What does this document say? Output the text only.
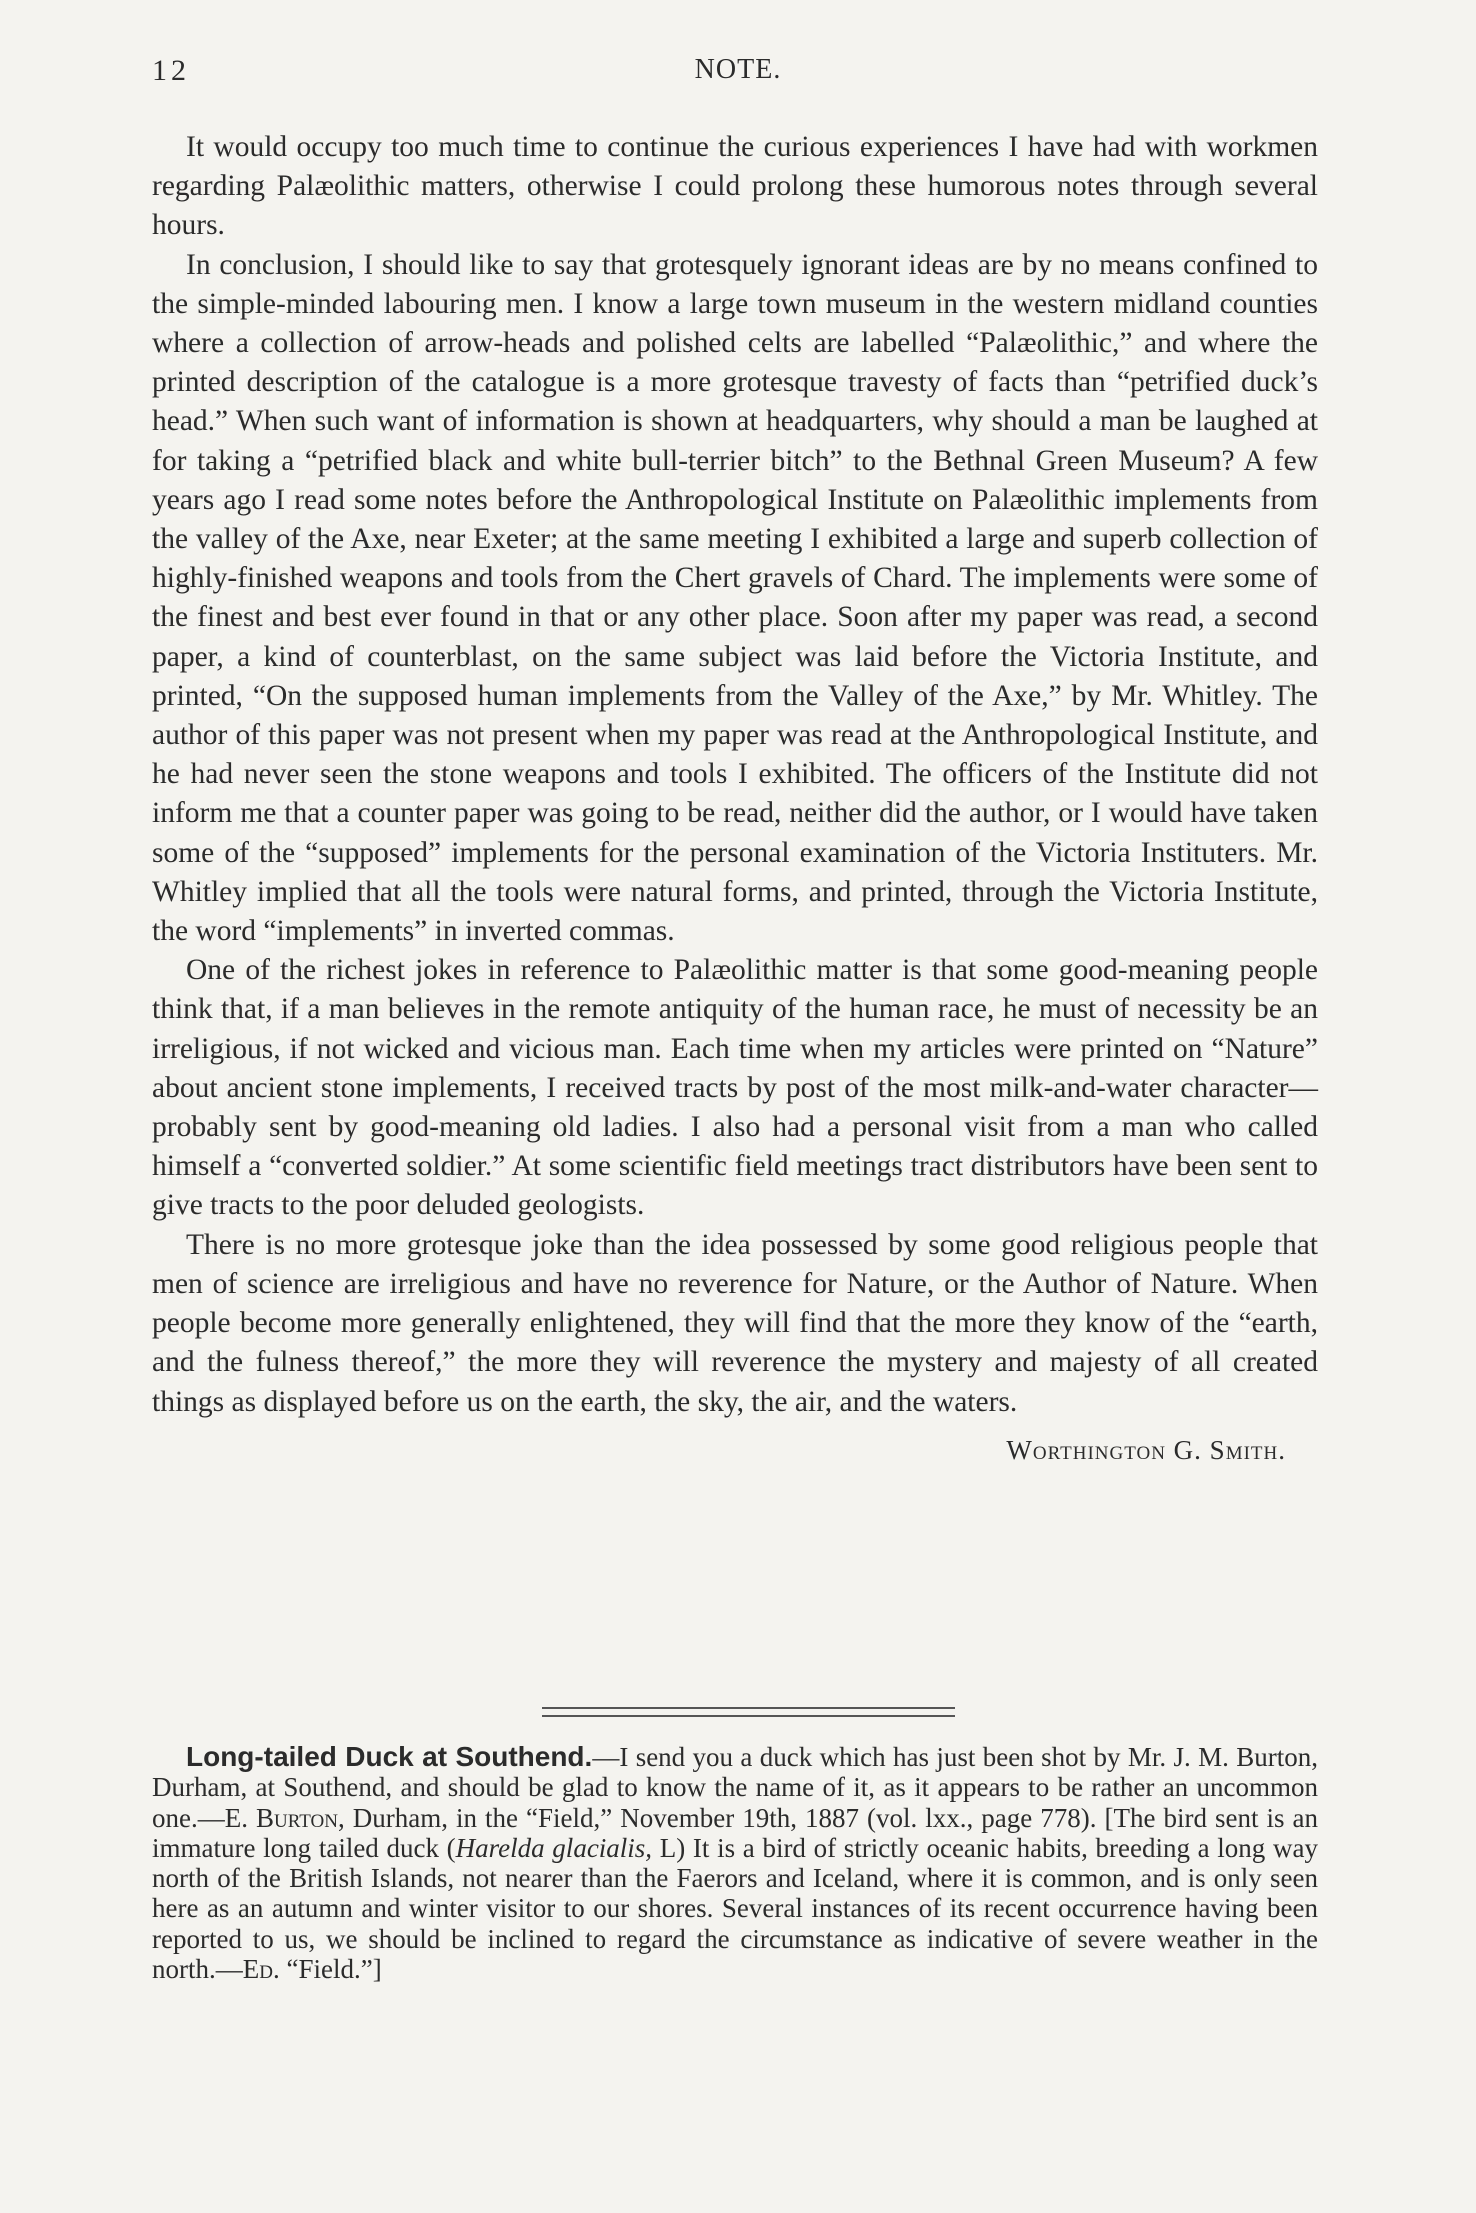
12	NOTE.

It would occupy too much time to continue the curious experiences I have had with workmen regarding Palæolithic matters, otherwise I could prolong these humorous notes through several hours.

In conclusion, I should like to say that grotesquely ignorant ideas are by no means confined to the simple-minded labouring men. I know a large town museum in the western midland counties where a collection of arrow-heads and polished celts are labelled “Palæolithic,” and where the printed description of the catalogue is a more grotesque travesty of facts than “petrified duck’s head.” When such want of information is shown at headquarters, why should a man be laughed at for taking a “petrified black and white bull-terrier bitch” to the Bethnal Green Museum? A few years ago I read some notes before the Anthropological Institute on Palæolithic implements from the valley of the Axe, near Exeter; at the same meeting I exhibited a large and superb collection of highly-finished weapons and tools from the Chert gravels of Chard. The implements were some of the finest and best ever found in that or any other place. Soon after my paper was read, a second paper, a kind of counterblast, on the same subject was laid before the Victoria Institute, and printed, “On the supposed human implements from the Valley of the Axe,” by Mr. Whitley. The author of this paper was not present when my paper was read at the Anthropological Institute, and he had never seen the stone weapons and tools I exhibited. The officers of the Institute did not inform me that a counter paper was going to be read, neither did the author, or I would have taken some of the “supposed” implements for the personal examination of the Victoria Instituters. Mr. Whitley implied that all the tools were natural forms, and printed, through the Victoria Institute, the word “implements” in inverted commas.

One of the richest jokes in reference to Palæolithic matter is that some good-meaning people think that, if a man believes in the remote antiquity of the human race, he must of necessity be an irreligious, if not wicked and vicious man. Each time when my articles were printed on “Nature” about ancient stone implements, I received tracts by post of the most milk-and-water character—probably sent by good-meaning old ladies. I also had a personal visit from a man who called himself a “converted soldier.” At some scientific field meetings tract distributors have been sent to give tracts to the poor deluded geologists.

There is no more grotesque joke than the idea possessed by some good religious people that men of science are irreligious and have no reverence for Nature, or the Author of Nature. When people become more generally enlightened, they will find that the more they know of the “earth, and the fulness thereof,” the more they will reverence the mystery and majesty of all created things as displayed before us on the earth, the sky, the air, and the waters.

Worthington G. Smith.

Long-tailed Duck at Southend.—I send you a duck which has just been shot by Mr. J. M. Burton, Durham, at Southend, and should be glad to know the name of it, as it appears to be rather an uncommon one.—E. Burton, Durham, in the “Field,” November 19th, 1887 (vol. lxx., page 778). [The bird sent is an immature long tailed duck (Harelda glacialis, L) It is a bird of strictly oceanic habits, breeding a long way north of the British Islands, not nearer than the Faerors and Iceland, where it is common, and is only seen here as an autumn and winter visitor to our shores. Several instances of its recent occurrence having been reported to us, we should be inclined to regard the circumstance as indicative of severe weather in the north.—Ed. “Field.”]
